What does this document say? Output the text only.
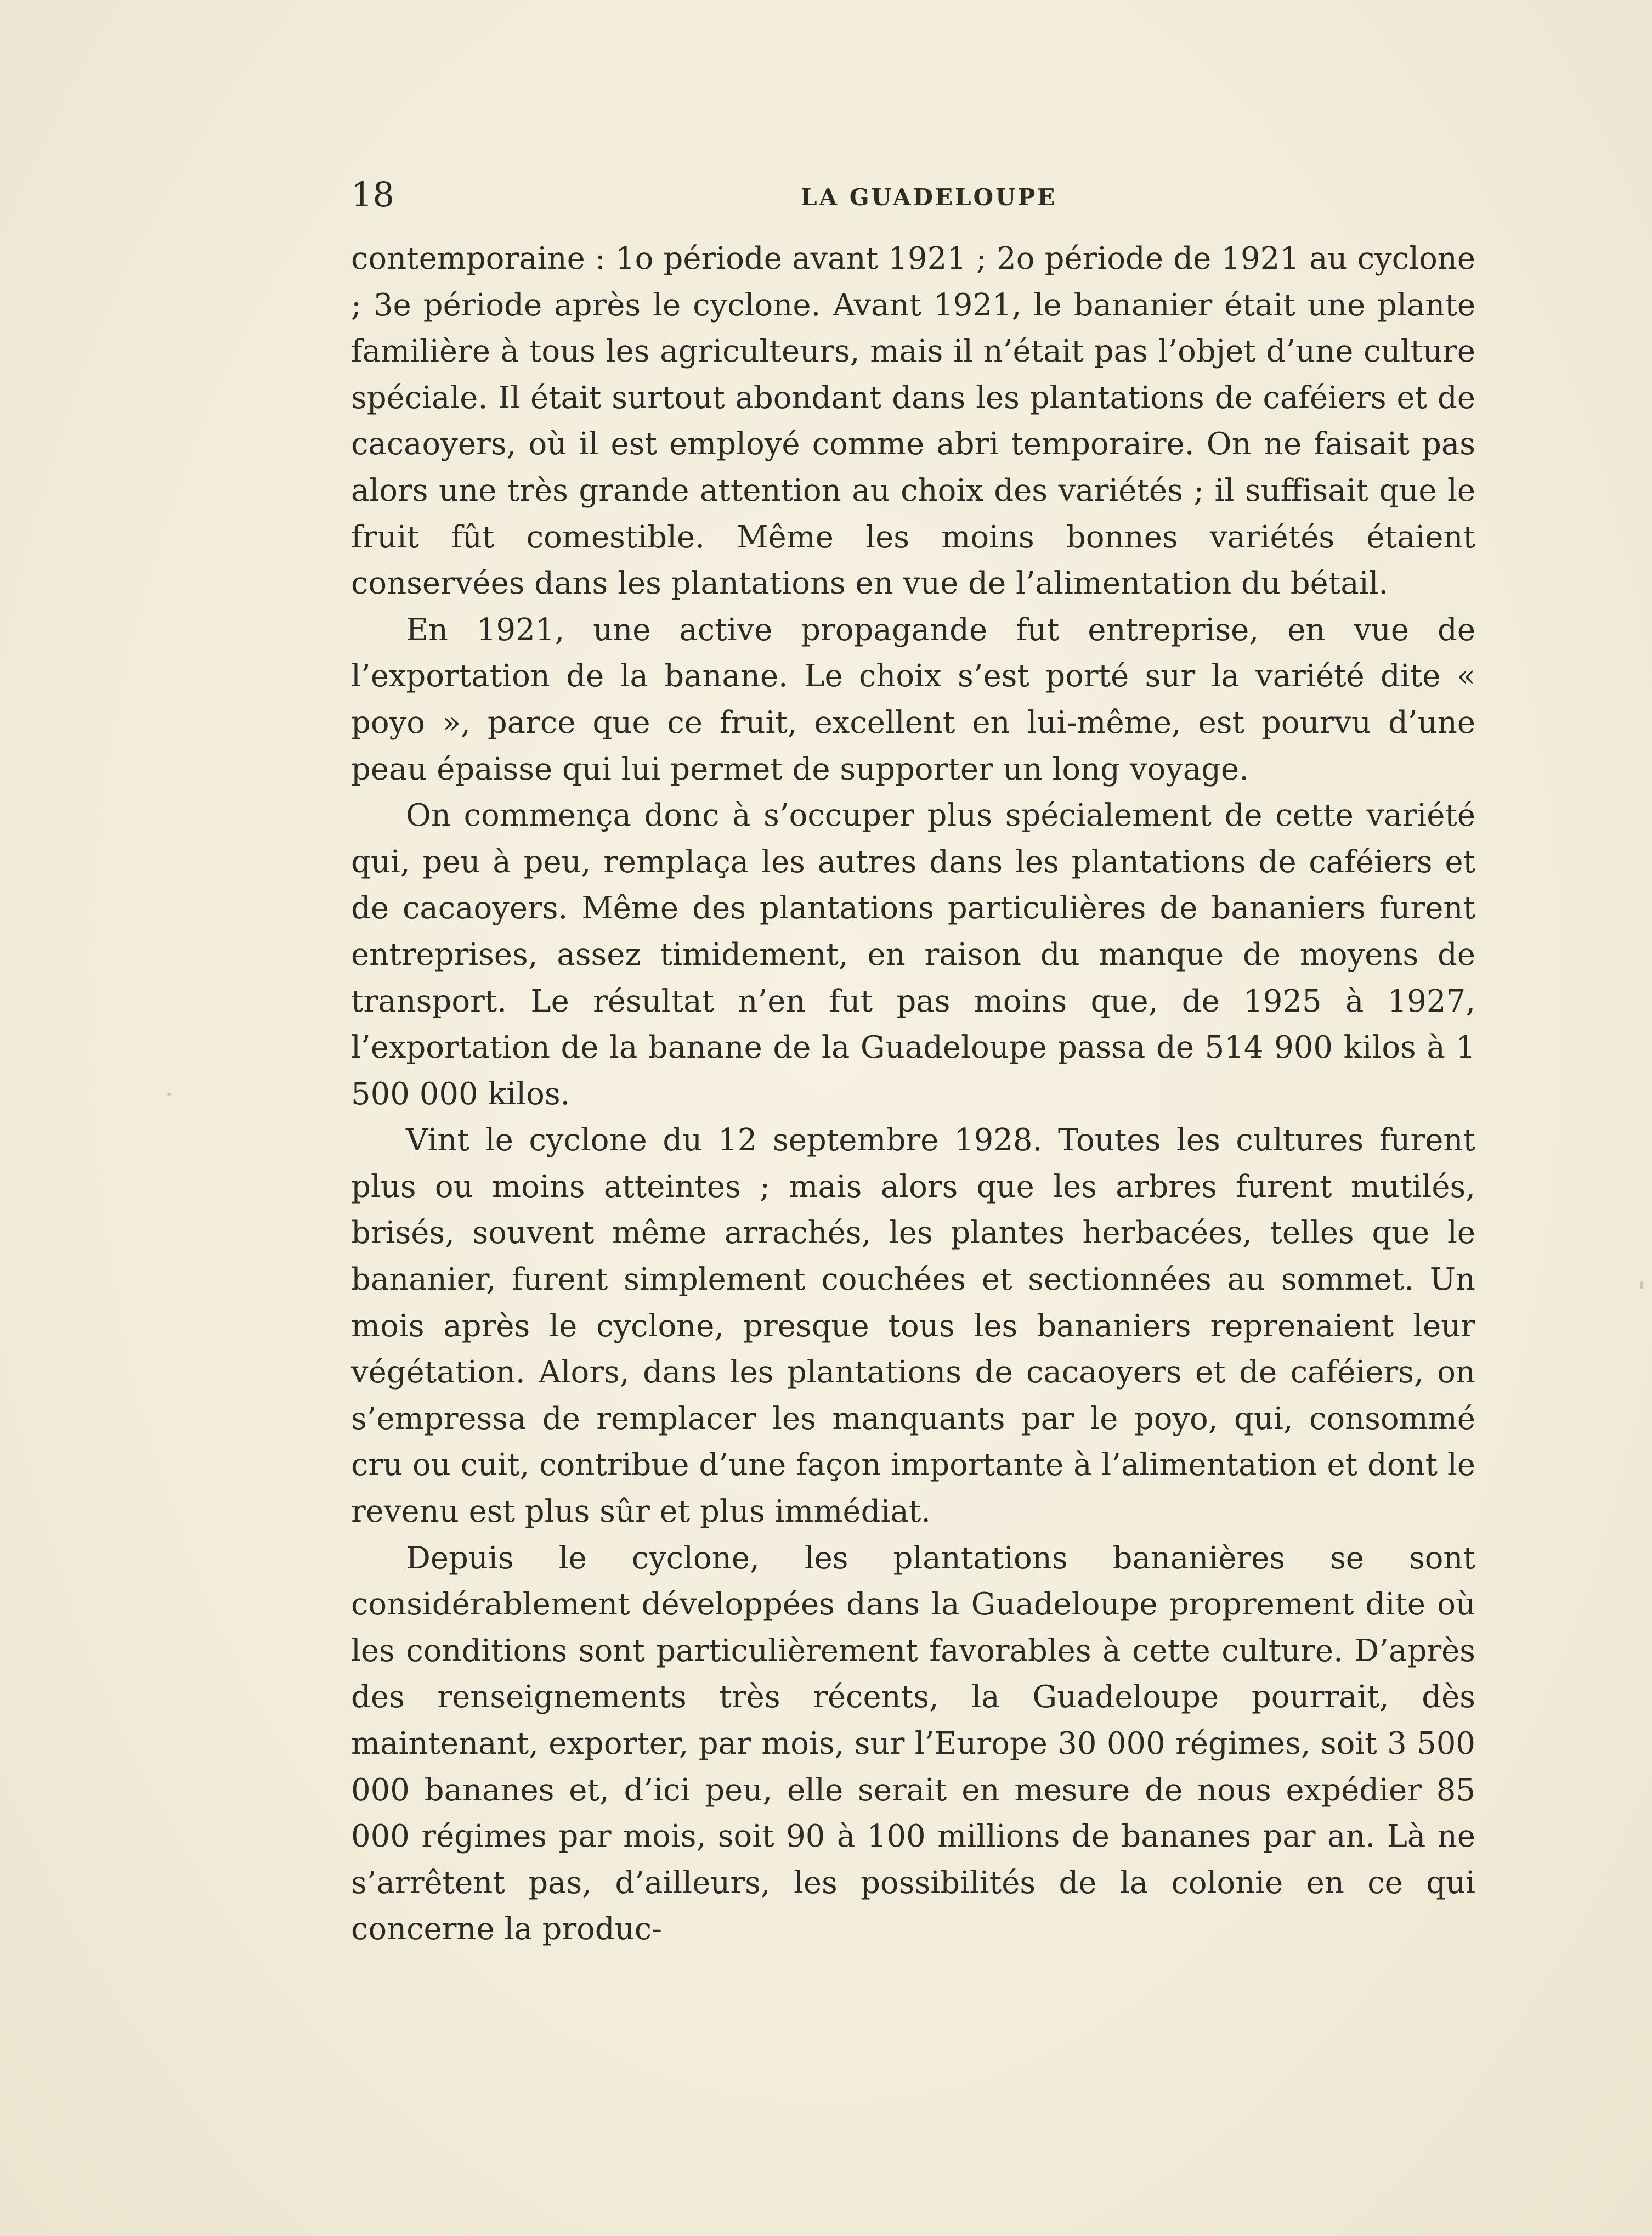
18	LA GUADELOUPE

contemporaine : 1o période avant 1921 ; 2o période de 1921 au cyclone ; 3e période après le cyclone. Avant 1921, le bananier était une plante familière à tous les agriculteurs, mais il n’était pas l’objet d’une culture spéciale. Il était surtout abondant dans les plantations de caféiers et de cacaoyers, où il est employé comme abri temporaire. On ne faisait pas alors une très grande attention au choix des variétés ; il suffisait que le fruit fût comestible. Même les moins bonnes variétés étaient conservées dans les plantations en vue de l’alimentation du bétail.

En 1921, une active propagande fut entreprise, en vue de l’exportation de la banane. Le choix s’est porté sur la variété dite « poyo », parce que ce fruit, excellent en lui-même, est pourvu d’une peau épaisse qui lui permet de supporter un long voyage.

On commença donc à s’occuper plus spécialement de cette variété qui, peu à peu, remplaça les autres dans les plantations de caféiers et de cacaoyers. Même des plantations particulières de bananiers furent entreprises, assez timidement, en raison du manque de moyens de transport. Le résultat n’en fut pas moins que, de 1925 à 1927, l’exportation de la banane de la Guadeloupe passa de 514 900 kilos à 1 500 000 kilos.

Vint le cyclone du 12 septembre 1928. Toutes les cultures furent plus ou moins atteintes ; mais alors que les arbres furent mutilés, brisés, souvent même arrachés, les plantes herbacées, telles que le bananier, furent simplement couchées et sectionnées au sommet. Un mois après le cyclone, presque tous les bananiers reprenaient leur végétation. Alors, dans les plantations de cacaoyers et de caféiers, on s’empressa de remplacer les manquants par le poyo, qui, consommé cru ou cuit, contribue d’une façon importante à l’alimentation et dont le revenu est plus sûr et plus immédiat.

Depuis le cyclone, les plantations bananières se sont considérablement développées dans la Guadeloupe proprement dite où les conditions sont particulièrement favorables à cette culture. D’après des renseignements très récents, la Guadeloupe pourrait, dès maintenant, exporter, par mois, sur l’Europe 30 000 régimes, soit 3 500 000 bananes et, d’ici peu, elle serait en mesure de nous expédier 85 000 régimes par mois, soit 90 à 100 millions de bananes par an. Là ne s’arrêtent pas, d’ailleurs, les possibilités de la colonie en ce qui concerne la produc-
